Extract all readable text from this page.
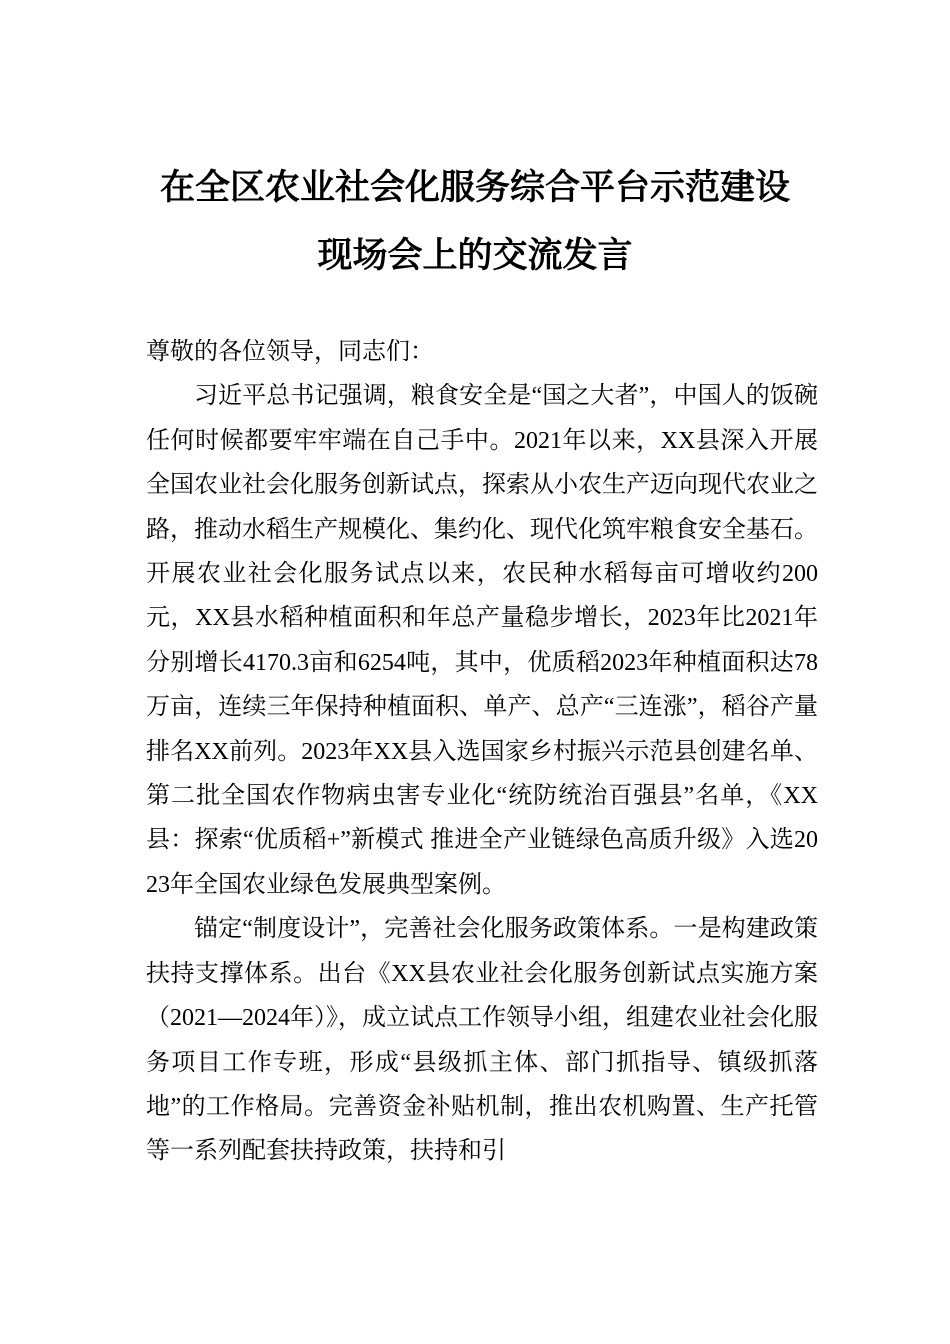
在全区农业社会化服务综合平台示范建设
现场会上的交流发言

尊敬的各位领导，同志们：

习近平总书记强调，粮食安全是“国之大者”，中国人的饭碗任何时候都要牢牢端在自己手中。2021年以来，XX县深入开展全国农业社会化服务创新试点，探索从小农生产迈向现代农业之路，推动水稻生产规模化、集约化、现代化筑牢粮食安全基石。开展农业社会化服务试点以来，农民种水稻每亩可增收约200元，XX县水稻种植面积和年总产量稳步增长，2023年比2021年分别增长4170.3亩和6254吨，其中，优质稻2023年种植面积达78万亩，连续三年保持种植面积、单产、总产“三连涨”，稻谷产量排名XX前列。2023年XX县入选国家乡村振兴示范县创建名单、第二批全国农作物病虫害专业化“统防统治百强县”名单，《XX县：探索“优质稻+”新模式 推进全产业链绿色高质升级》入选2023年全国农业绿色发展典型案例。

锚定“制度设计”，完善社会化服务政策体系。一是构建政策扶持支撑体系。出台《XX县农业社会化服务创新试点实施方案（2021—2024年）》，成立试点工作领导小组，组建农业社会化服务项目工作专班，形成“县级抓主体、部门抓指导、镇级抓落地”的工作格局。完善资金补贴机制，推出农机购置、生产托管等一系列配套扶持政策，扶持和引
